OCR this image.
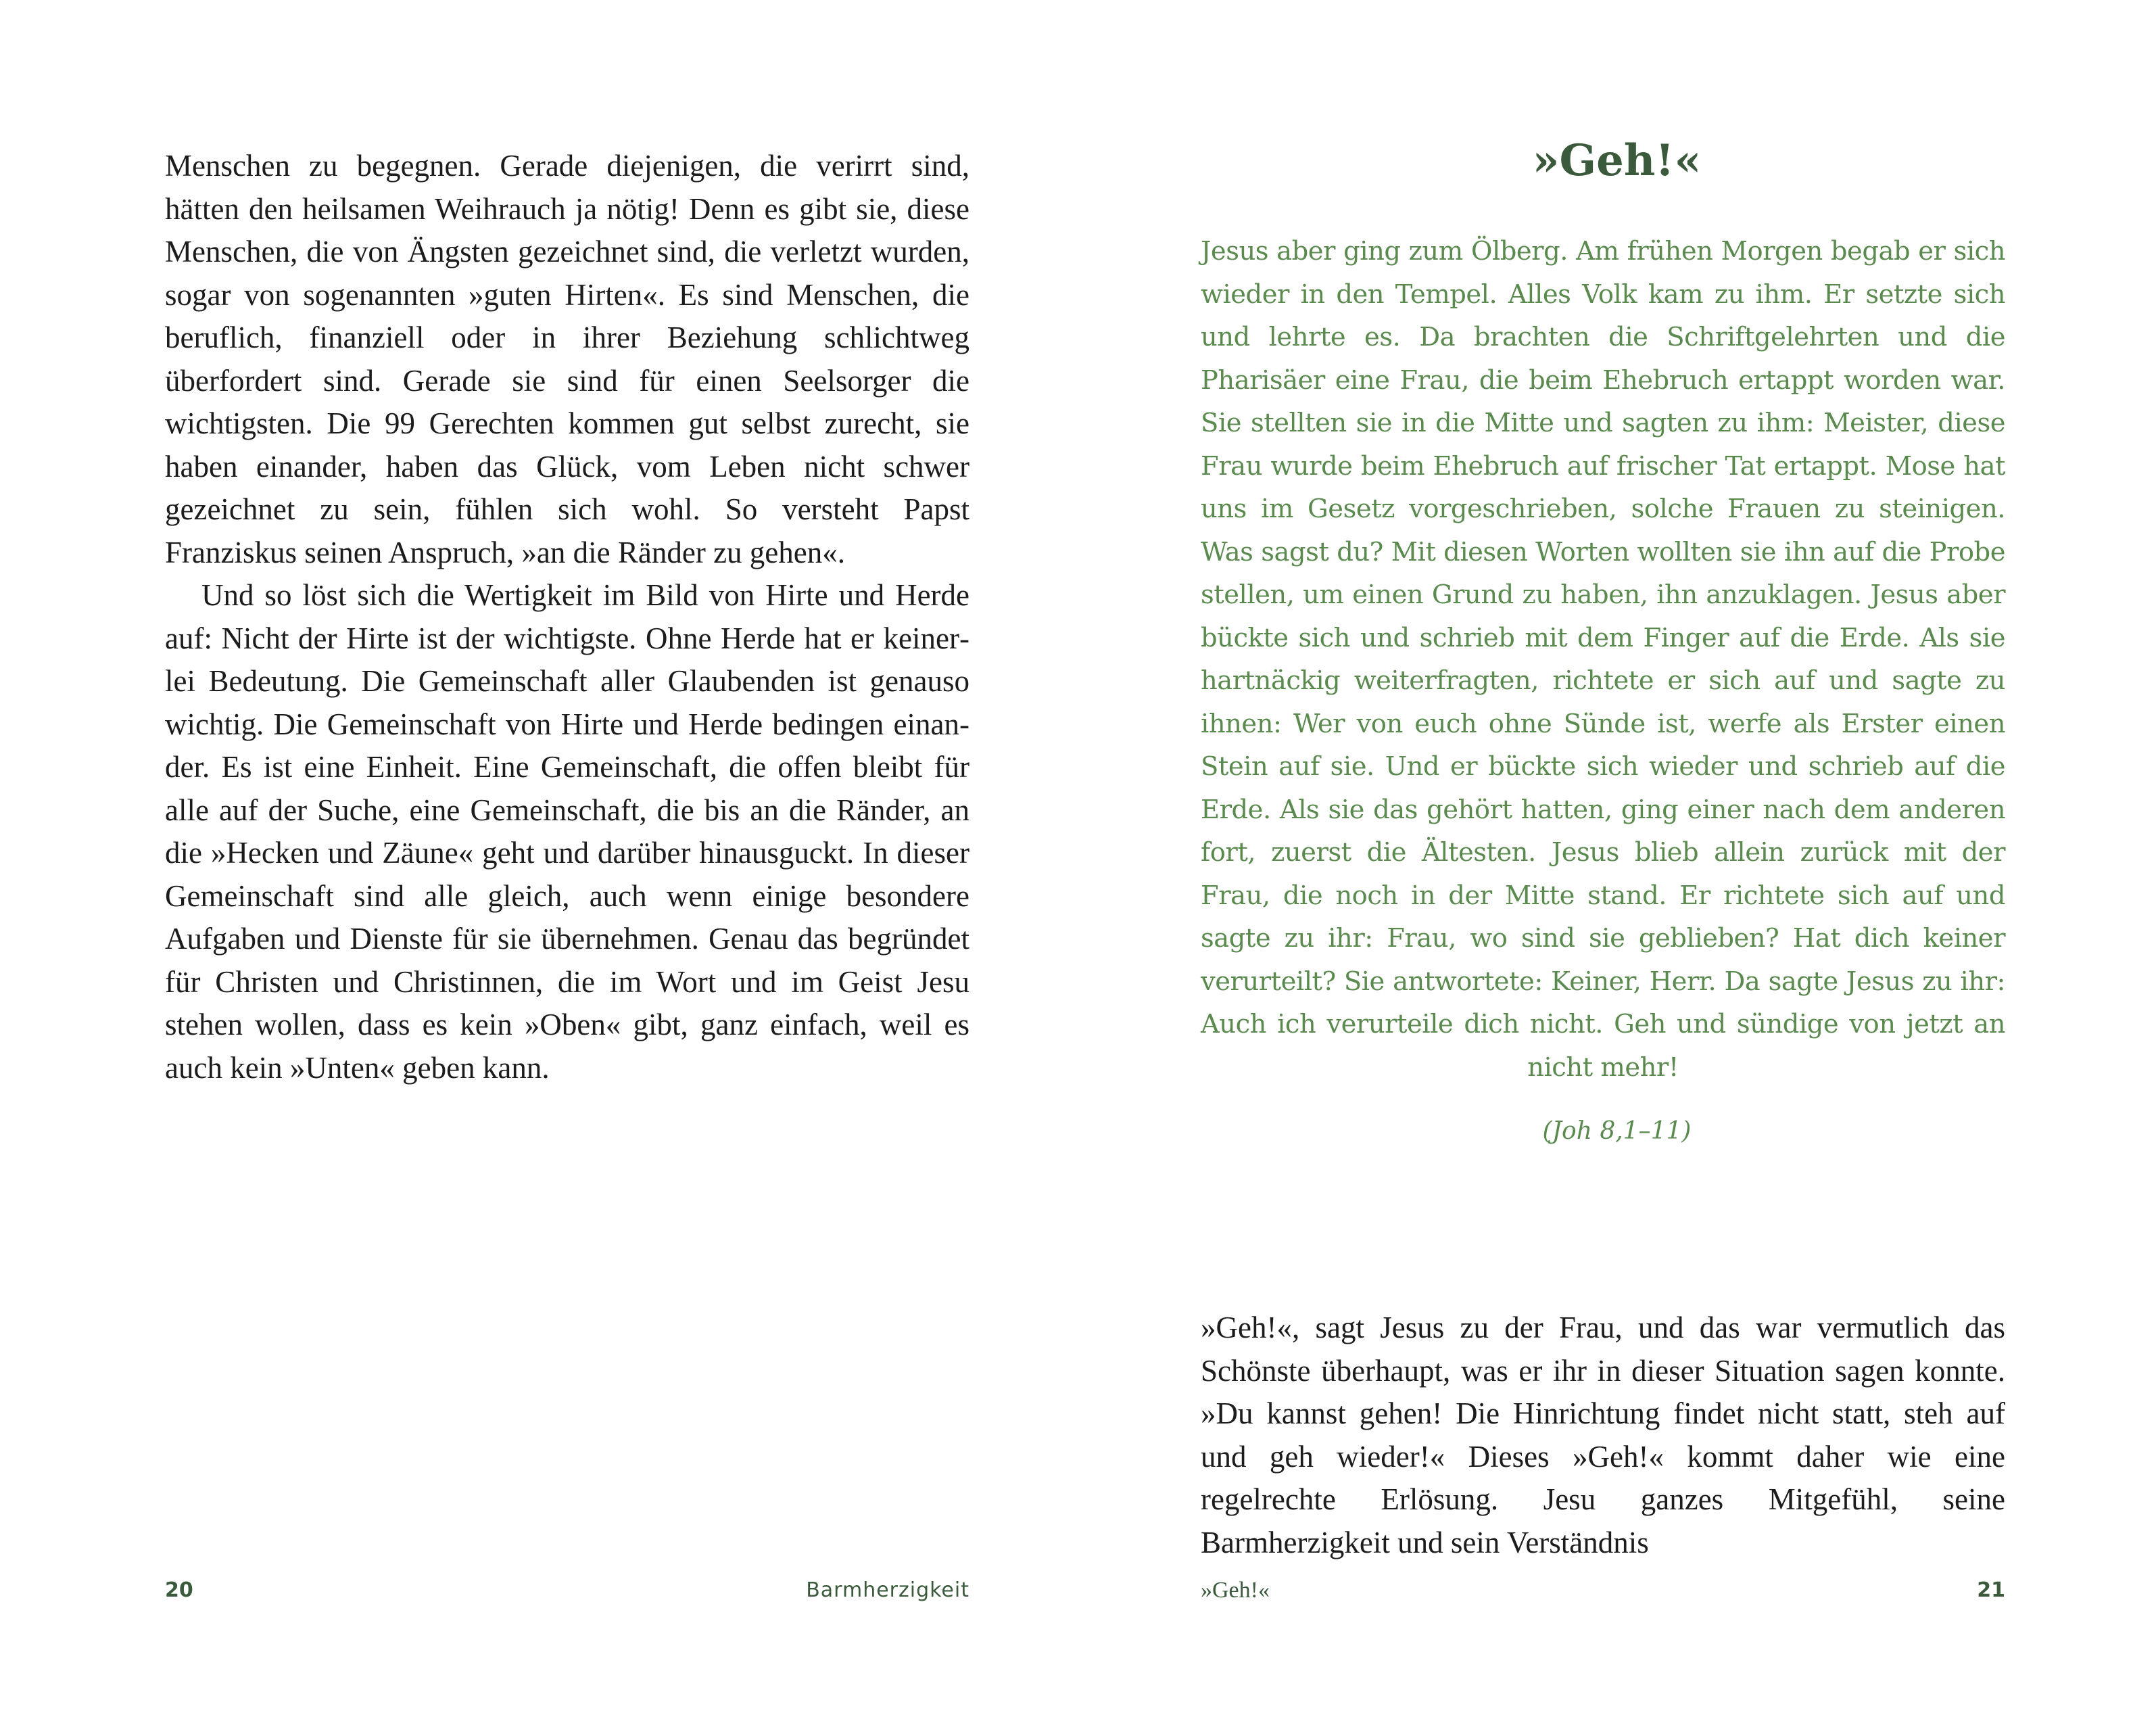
Menschen zu begegnen. Gerade diejenigen, die verirrt sind, hätten den heilsamen Weihrauch ja nötig! Denn es gibt sie, diese Menschen, die von Ängsten gezeichnet sind, die verletzt wurden, sogar von sogenannten »guten Hirten«. Es sind Menschen, die beruflich, finanziell oder in ihrer Beziehung schlichtweg überfordert sind. Gerade sie sind für einen Seelsorger die wichtigsten. Die 99 Gerechten kommen gut selbst zurecht, sie haben einander, haben das Glück, vom Leben nicht schwer gezeichnet zu sein, fühlen sich wohl. So versteht Papst Franziskus seinen Anspruch, »an die Ränder zu gehen«.

Und so löst sich die Wertigkeit im Bild von Hirte und Herde auf: Nicht der Hirte ist der wichtigste. Ohne Herde hat er keinerlei Bedeutung. Die Gemeinschaft aller Glaubenden ist genauso wichtig. Die Gemeinschaft von Hirte und Herde bedingen einander. Es ist eine Einheit. Eine Gemeinschaft, die offen bleibt für alle auf der Suche, eine Gemeinschaft, die bis an die Ränder, an die »Hecken und Zäune« geht und darüber hinausguckt. In dieser Gemeinschaft sind alle gleich, auch wenn einige besondere Aufgaben und Dienste für sie übernehmen. Genau das begründet für Christen und Christinnen, die im Wort und im Geist Jesu stehen wollen, dass es kein »Oben« gibt, ganz einfach, weil es auch kein »Unten« geben kann.

20	Barmherzigkeit
»Geh!«
Jesus aber ging zum Ölberg. Am frühen Morgen begab er sich wieder in den Tempel. Alles Volk kam zu ihm. Er setzte sich und lehrte es. Da brachten die Schriftgelehrten und die Pharisäer eine Frau, die beim Ehebruch ertappt worden war. Sie stellten sie in die Mitte und sagten zu ihm: Meister, diese Frau wurde beim Ehebruch auf frischer Tat ertappt. Mose hat uns im Gesetz vorgeschrieben, solche Frauen zu steinigen. Was sagst du? Mit diesen Worten wollten sie ihn auf die Probe stellen, um einen Grund zu haben, ihn anzuklagen. Jesus aber bückte sich und schrieb mit dem Finger auf die Erde. Als sie hartnäckig weiterfragten, richtete er sich auf und sagte zu ihnen: Wer von euch ohne Sünde ist, werfe als Erster einen Stein auf sie. Und er bückte sich wieder und schrieb auf die Erde. Als sie das gehört hatten, ging einer nach dem anderen fort, zuerst die Ältesten. Jesus blieb allein zurück mit der Frau, die noch in der Mitte stand. Er richtete sich auf und sagte zu ihr: Frau, wo sind sie geblieben? Hat dich keiner verurteilt? Sie antwortete: Keiner, Herr. Da sagte Jesus zu ihr: Auch ich verurteile dich nicht. Geh und sündige von jetzt an nicht mehr!
(Joh 8,1–11)

»Geh!«, sagt Jesus zu der Frau, und das war vermutlich das Schönste überhaupt, was er ihr in dieser Situation sagen konnte. »Du kannst gehen! Die Hinrichtung findet nicht statt, steh auf und geh wieder!« Dieses »Geh!« kommt daher wie eine regelrechte Erlösung. Jesu ganzes Mitgefühl, seine Barmherzigkeit und sein Verständnis

»Geh!«	21
